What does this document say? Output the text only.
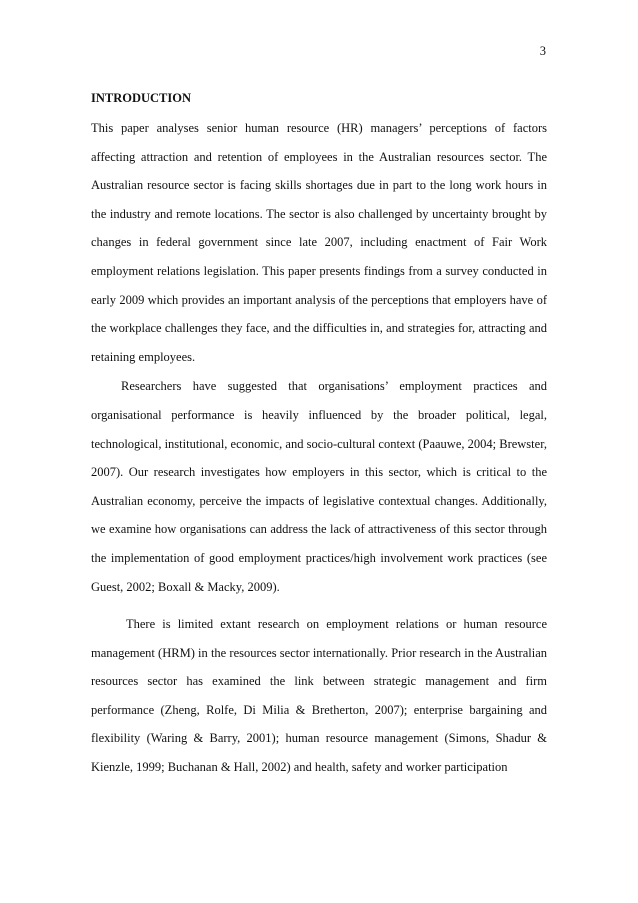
3
INTRODUCTION

This paper analyses senior human resource (HR) managers’ perceptions of factors affecting attraction and retention of employees in the Australian resources sector. The Australian resource sector is facing skills shortages due in part to the long work hours in the industry and remote locations. The sector is also challenged by uncertainty brought by changes in federal government since late 2007, including enactment of Fair Work employment relations legislation. This paper presents findings from a survey conducted in early 2009 which provides an important analysis of the perceptions that employers have of the workplace challenges they face, and the difficulties in, and strategies for, attracting and retaining employees.

Researchers have suggested that organisations’ employment practices and organisational performance is heavily influenced by the broader political, legal, technological, institutional, economic, and socio-cultural context (Paauwe, 2004; Brewster, 2007). Our research investigates how employers in this sector, which is critical to the Australian economy, perceive the impacts of legislative contextual changes. Additionally, we examine how organisations can address the lack of attractiveness of this sector through the implementation of good employment practices/high involvement work practices (see Guest, 2002; Boxall & Macky, 2009).

There is limited extant research on employment relations or human resource management (HRM) in the resources sector internationally. Prior research in the Australian resources sector has examined the link between strategic management and firm performance (Zheng, Rolfe, Di Milia & Bretherton, 2007); enterprise bargaining and flexibility (Waring & Barry, 2001); human resource management (Simons, Shadur & Kienzle, 1999; Buchanan & Hall, 2002) and health, safety and worker participation
